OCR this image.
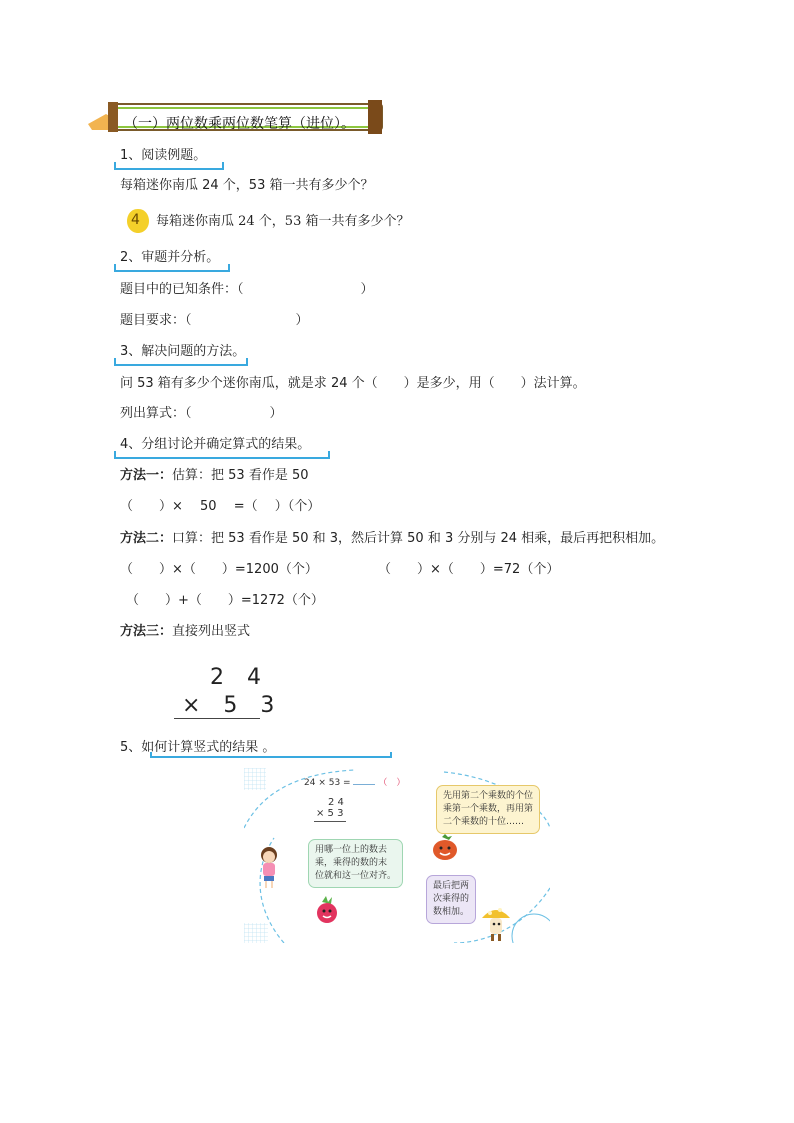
（一）两位数乘两位数笔算（进位）。
1、阅读例题。
每箱迷你南瓜 24 个，53 箱一共有多少个？
4 每箱迷你南瓜 24 个，53 箱一共有多少个？
2、审题并分析。
题目中的已知条件：（　　　　　　　　　）
题目要求：（　　　　　　　　）
3、解决问题的方法。
问 53 箱有多少个迷你南瓜，就是求 24 个（　　）是多少，用（　　）法计算。
列出算式：（　　　　　　）
4、分组讨论并确定算式的结果。
方法一：估算：把 53 看作是 50
（　　）×　 50　 =（　 ）（个）
方法二：口算：把 53 看作是 50 和 3，然后计算 50 和 3 分别与 24 相乘，最后再把积相加。
（　　）×（　　）=1200（个）	（　　）×（　　）=72（个）
（　　）+（　　）=1272（个）
方法三：直接列出竖式
2 4
× 5 3
5、如何计算竖式的结果 。
24 × 53 =	（　）
2 4
× 5 3
先用第二个乘数的个位
乘第一个乘数，再用第
二个乘数的十位……
用哪一位上的数去
乘，乘得的数的末
位就和这一位对齐。
最后把两
次乘得的
数相加。
